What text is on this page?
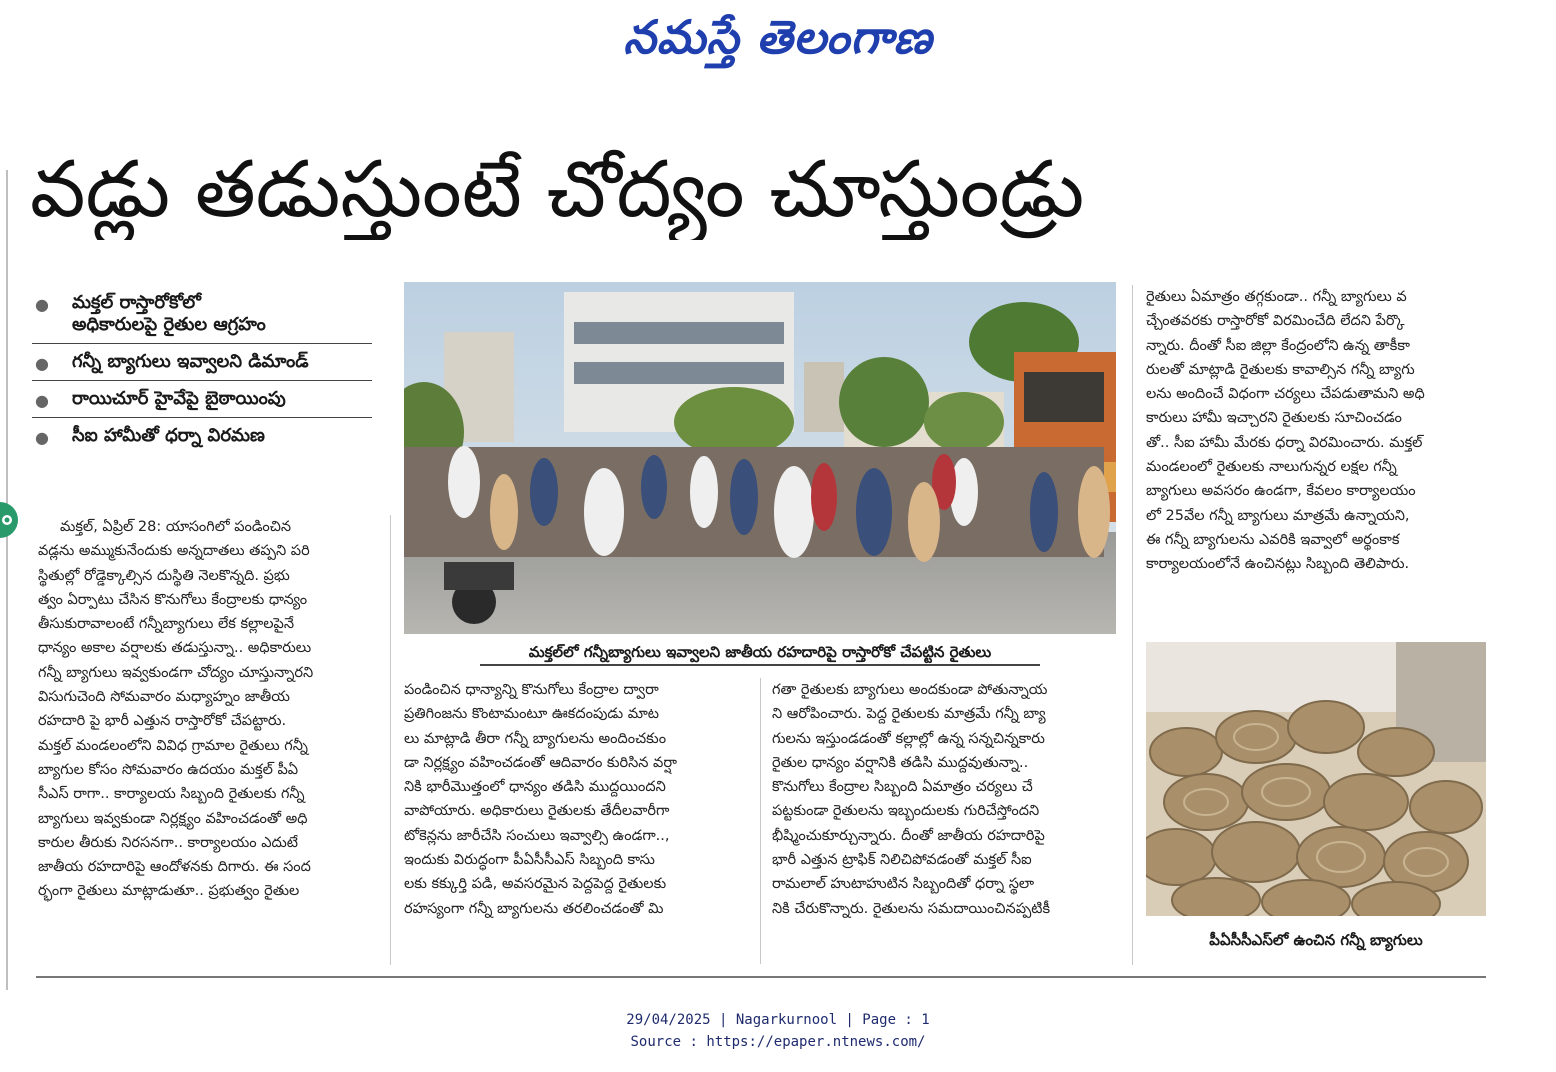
నమస్తే తెలంగాణ
వడ్లు తడుస్తుంటే చోద్యం చూస్తుండ్రు
● మక్తల్ రాస్తారోకోలో
అధికారులపై రైతుల ఆగ్రహం
● గన్నీ బ్యాగులు ఇవ్వాలని డిమాండ్
● రాయిచూర్ హైవేపై బైఠాయింపు
● సీఐ హామీతో ధర్నా విరమణ

మక్తల్, ఏప్రిల్ 28: యాసంగిలో పండించిన

వడ్లను అమ్ముకునేందుకు అన్నదాతలు తప్పని పరి

స్థితుల్లో రోడ్డెక్కాల్సిన దుస్థితి నెలకొన్నది. ప్రభు

త్వం ఏర్పాటు చేసిన కొనుగోలు కేంద్రాలకు ధాన్యం

తీసుకురావాలంటే గన్నీబ్యాగులు లేక కల్లాలపైనే

ధాన్యం అకాల వర్షాలకు తడుస్తున్నా.. అధికారులు

గన్నీ బ్యాగులు ఇవ్వకుండగా చోద్యం చూస్తున్నారని

విసుగుచెంది సోమవారం మధ్యాహ్నం జాతీయ

రహదారి పై భారీ ఎత్తున రాస్తారోకో చేపట్టారు.

మక్తల్ మండలంలోని వివిధ గ్రామాల రైతులు గన్నీ

బ్యాగుల కోసం సోమవారం ఉదయం మక్తల్ పీఏ

సీఎస్ రాగా.. కార్యాలయ సిబ్బంది రైతులకు గన్నీ

బ్యాగులు ఇవ్వకుండా నిర్లక్ష్యం వహించడంతో అధి

కారుల తీరుకు నిరసనగా.. కార్యాలయం ఎదుటే

జాతీయ రహదారిపై ఆందోళనకు దిగారు. ఈ సంద

ర్భంగా రైతులు మాట్లాడుతూ.. ప్రభుత్వం రైతుల

మక్తల్‌లో గన్నీబ్యాగులు ఇవ్వాలని జాతీయ రహదారిపై రాస్తారోకో చేపట్టిన రైతులు

పండించిన ధాన్యాన్ని కొనుగోలు కేంద్రాల ద్వారా

ప్రతిగింజను కొంటామంటూ ఊకదంపుడు మాట

లు మాట్లాడి తీరా గన్నీ బ్యాగులను అందించకుం

డా నిర్లక్ష్యం వహించడంతో ఆదివారం కురిసిన వర్షా

నికి భారీమొత్తంలో ధాన్యం తడిసి ముద్దయిందని

వాపోయారు. అధికారులు రైతులకు తేదీలవారీగా

టోకెన్లను జారీచేసి సంచులు ఇవ్వాల్సి ఉండగా..,

ఇందుకు విరుద్ధంగా పీఏసీసీఎస్ సిబ్బంది కాసు

లకు కక్కుర్తి పడి, అవసరమైన పెద్దపెద్ద రైతులకు

రహస్యంగా గన్నీ బ్యాగులను తరలించడంతో మి

గతా రైతులకు బ్యాగులు అందకుండా పోతున్నాయ

ని ఆరోపించారు. పెద్ద రైతులకు మాత్రమే గన్నీ బ్యా

గులను ఇస్తుండడంతో కల్లాల్లో ఉన్న సన్నచిన్నకారు

రైతుల ధాన్యం వర్షానికి తడిసి ముద్దవుతున్నా..

కొనుగోలు కేంద్రాల సిబ్బంది ఏమాత్రం చర్యలు చే

పట్టకుండా రైతులను ఇబ్బందులకు గురిచేస్తోందని

భీష్మించుకూర్చున్నారు. దీంతో జాతీయ రహదారిపై

భారీ ఎత్తున ట్రాఫిక్ నిలిచిపోవడంతో మక్తల్ సీఐ

రామలాల్ హుటాహుటిన సిబ్బందితో ధర్నా స్థలా

నికి చేరుకొన్నారు. రైతులను సమదాయించినప్పటికీ

రైతులు ఏమాత్రం తగ్గకుండా.. గన్నీ బ్యాగులు వ

చ్చేంతవరకు రాస్తారోకో విరమించేది లేదని పేర్కొ

న్నారు. దీంతో సీఐ జిల్లా కేంద్రంలోని ఉన్న తాకీకా

రులతో మాట్లాడి రైతులకు కావాల్సిన గన్నీ బ్యాగు

లను అందించే విధంగా చర్యలు చేపడుతామని అధి

కారులు హామీ ఇచ్చారని రైతులకు సూచించడం

తో.. సీఐ హామీ మేరకు ధర్నా విరమించారు. మక్తల్

మండలంలో రైతులకు నాలుగున్నర లక్షల గన్నీ

బ్యాగులు అవసరం ఉండగా, కేవలం కార్యాలయం

లో 25వేల గన్నీ బ్యాగులు మాత్రమే ఉన్నాయని,

ఈ గన్నీ బ్యాగులను ఎవరికి ఇవ్వాలో అర్థంకాక

కార్యాలయంలోనే ఉంచినట్లు సిబ్బంది తెలిపారు.

పీఏసీసీఎస్‌లో ఉంచిన గన్నీ బ్యాగులు
29/04/2025 | Nagarkurnool | Page : 1
Source : https://epaper.ntnews.com/
